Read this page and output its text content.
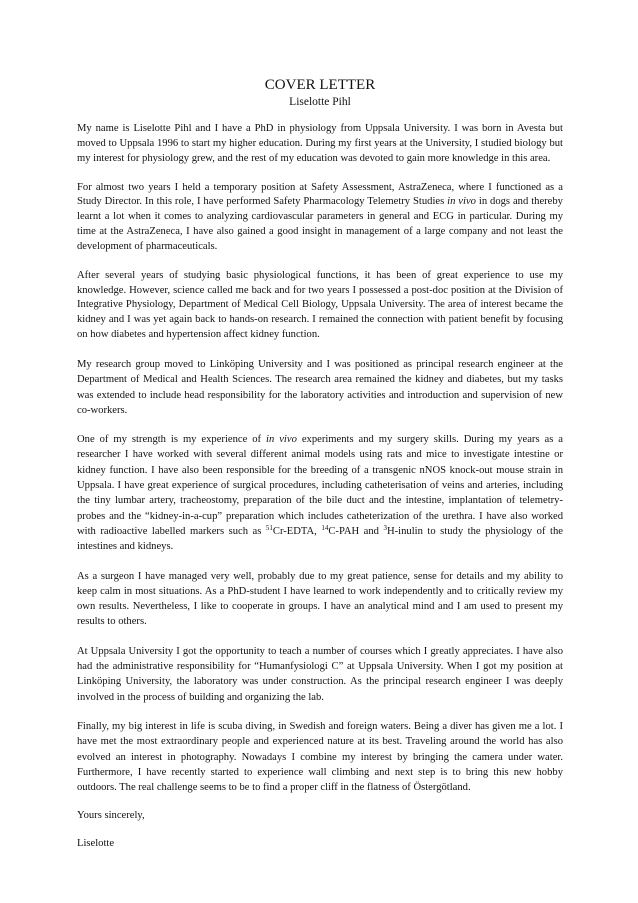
COVER LETTER

Liselotte Pihl

My name is Liselotte Pihl and I have a PhD in physiology from Uppsala University. I was born in Avesta but moved to Uppsala 1996 to start my higher education. During my first years at the University, I studied biology but my interest for physiology grew, and the rest of my education was devoted to gain more knowledge in this area.

For almost two years I held a temporary position at Safety Assessment, AstraZeneca, where I functioned as a Study Director. In this role, I have performed Safety Pharmacology Telemetry Studies in vivo in dogs and thereby learnt a lot when it comes to analyzing cardiovascular parameters in general and ECG in particular. During my time at the AstraZeneca, I have also gained a good insight in management of a large company and not least the development of pharmaceuticals.

After several years of studying basic physiological functions, it has been of great experience to use my knowledge. However, science called me back and for two years I possessed a post-doc position at the Division of Integrative Physiology, Department of Medical Cell Biology, Uppsala University. The area of interest became the kidney and I was yet again back to hands-on research. I remained the connection with patient benefit by focusing on how diabetes and hypertension affect kidney function.

My research group moved to Linköping University and I was positioned as principal research engineer at the Department of Medical and Health Sciences. The research area remained the kidney and diabetes, but my tasks was extended to include head responsibility for the laboratory activities and introduction and supervision of new co-workers.

One of my strength is my experience of in vivo experiments and my surgery skills. During my years as a researcher I have worked with several different animal models using rats and mice to investigate intestine or kidney function. I have also been responsible for the breeding of a transgenic nNOS knock-out mouse strain in Uppsala. I have great experience of surgical procedures, including catheterisation of veins and arteries, including the tiny lumbar artery, tracheostomy, preparation of the bile duct and the intestine, implantation of telemetry-probes and the “kidney-in-a-cup” preparation which includes catheterization of the urethra. I have also worked with radioactive labelled markers such as $^{51}$Cr-EDTA, $^{14}$C-PAH and $^3$H-inulin to study the physiology of the intestines and kidneys.

As a surgeon I have managed very well, probably due to my great patience, sense for details and my ability to keep calm in most situations. As a PhD-student I have learned to work independently and to critically review my own results. Nevertheless, I like to cooperate in groups. I have an analytical mind and I am used to present my results to others.

At Uppsala University I got the opportunity to teach a number of courses which I greatly appreciates. I have also had the administrative responsibility for “Humanfysiologi C” at Uppsala University. When I got my position at Linköping University, the laboratory was under construction. As the principal research engineer I was deeply involved in the process of building and organizing the lab.

Finally, my big interest in life is scuba diving, in Swedish and foreign waters. Being a diver has given me a lot. I have met the most extraordinary people and experienced nature at its best. Traveling around the world has also evolved an interest in photography. Nowadays I combine my interest by bringing the camera under water. Furthermore, I have recently started to experience wall climbing and next step is to bring this new hobby outdoors. The real challenge seems to be to find a proper cliff in the flatness of Östergötland.

Yours sincerely,

Liselotte
